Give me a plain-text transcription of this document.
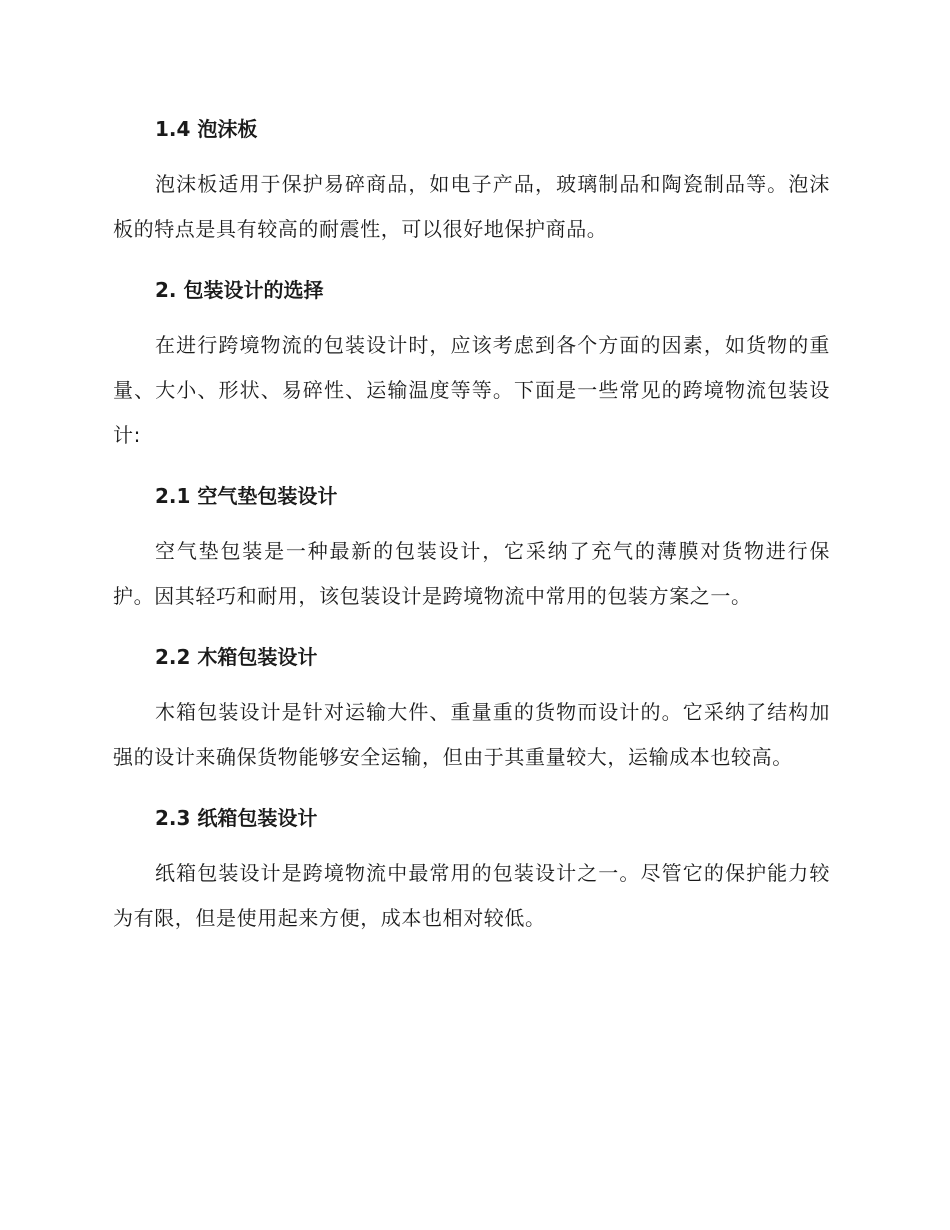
1.4 泡沫板

泡沫板适用于保护易碎商品，如电子产品，玻璃制品和陶瓷制品等。泡沫板的特点是具有较高的耐震性，可以很好地保护商品。

2. 包装设计的选择

在进行跨境物流的包装设计时，应该考虑到各个方面的因素，如货物的重量、大小、形状、易碎性、运输温度等等。下面是一些常见的跨境物流包装设计:

2.1 空气垫包装设计

空气垫包装是一种最新的包装设计，它采纳了充气的薄膜对货物进行保护。因其轻巧和耐用，该包装设计是跨境物流中常用的包装方案之一。

2.2 木箱包装设计

木箱包装设计是针对运输大件、重量重的货物而设计的。它采纳了结构加强的设计来确保货物能够安全运输，但由于其重量较大，运输成本也较高。

2.3 纸箱包装设计

纸箱包装设计是跨境物流中最常用的包装设计之一。尽管它的保护能力较为有限，但是使用起来方便，成本也相对较低。
